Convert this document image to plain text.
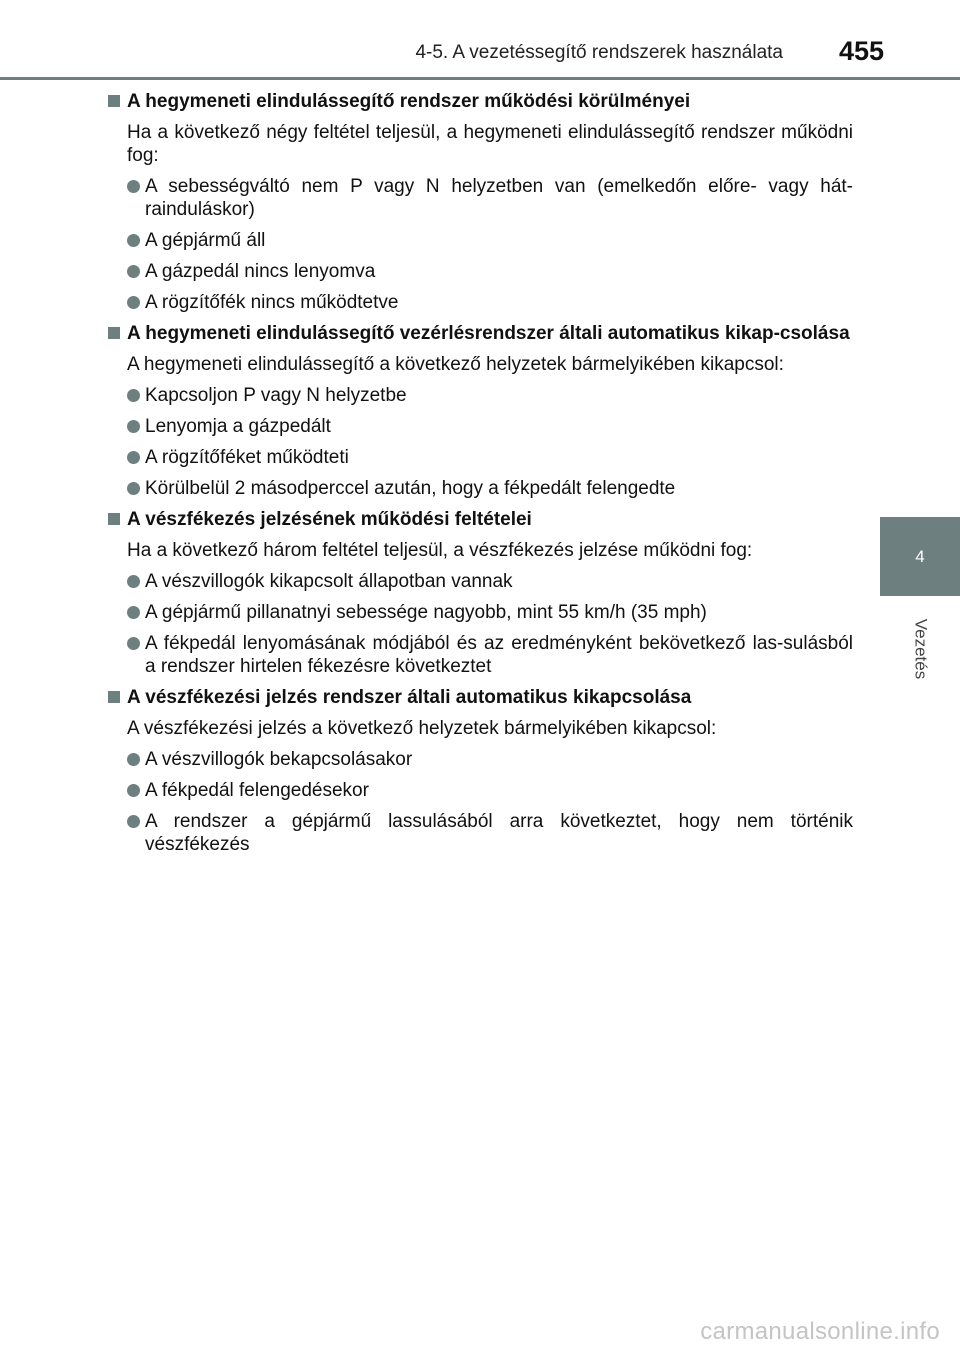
4-5. A vezetéssegítő rendszerek használata 455
4
Vezetés
A hegymeneti elindulássegítő rendszer működési körülményei
Ha a következő négy feltétel teljesül, a hegymeneti elindulássegítő rendszer működni fog:
A sebességváltó nem P vagy N helyzetben van (emelkedőn előre- vagy hát-rainduláskor)
A gépjármű áll
A gázpedál nincs lenyomva
A rögzítőfék nincs működtetve
A hegymeneti elindulássegítő vezérlésrendszer általi automatikus kikap-csolása
A hegymeneti elindulássegítő a következő helyzetek bármelyikében kikapcsol:
Kapcsoljon P vagy N helyzetbe
Lenyomja a gázpedált
A rögzítőféket működteti
Körülbelül 2 másodperccel azután, hogy a fékpedált felengedte
A vészfékezés jelzésének működési feltételei
Ha a következő három feltétel teljesül, a vészfékezés jelzése működni fog:
A vészvillogók kikapcsolt állapotban vannak
A gépjármű pillanatnyi sebessége nagyobb, mint 55 km/h (35 mph)
A fékpedál lenyomásának módjából és az eredményként bekövetkező las-sulásból a rendszer hirtelen fékezésre következtet
A vészfékezési jelzés rendszer általi automatikus kikapcsolása
A vészfékezési jelzés a következő helyzetek bármelyikében kikapcsol:
A vészvillogók bekapcsolásakor
A fékpedál felengedésekor
A rendszer a gépjármű lassulásából arra következtet, hogy nem történik vészfékezés
carmanualsonline.info
